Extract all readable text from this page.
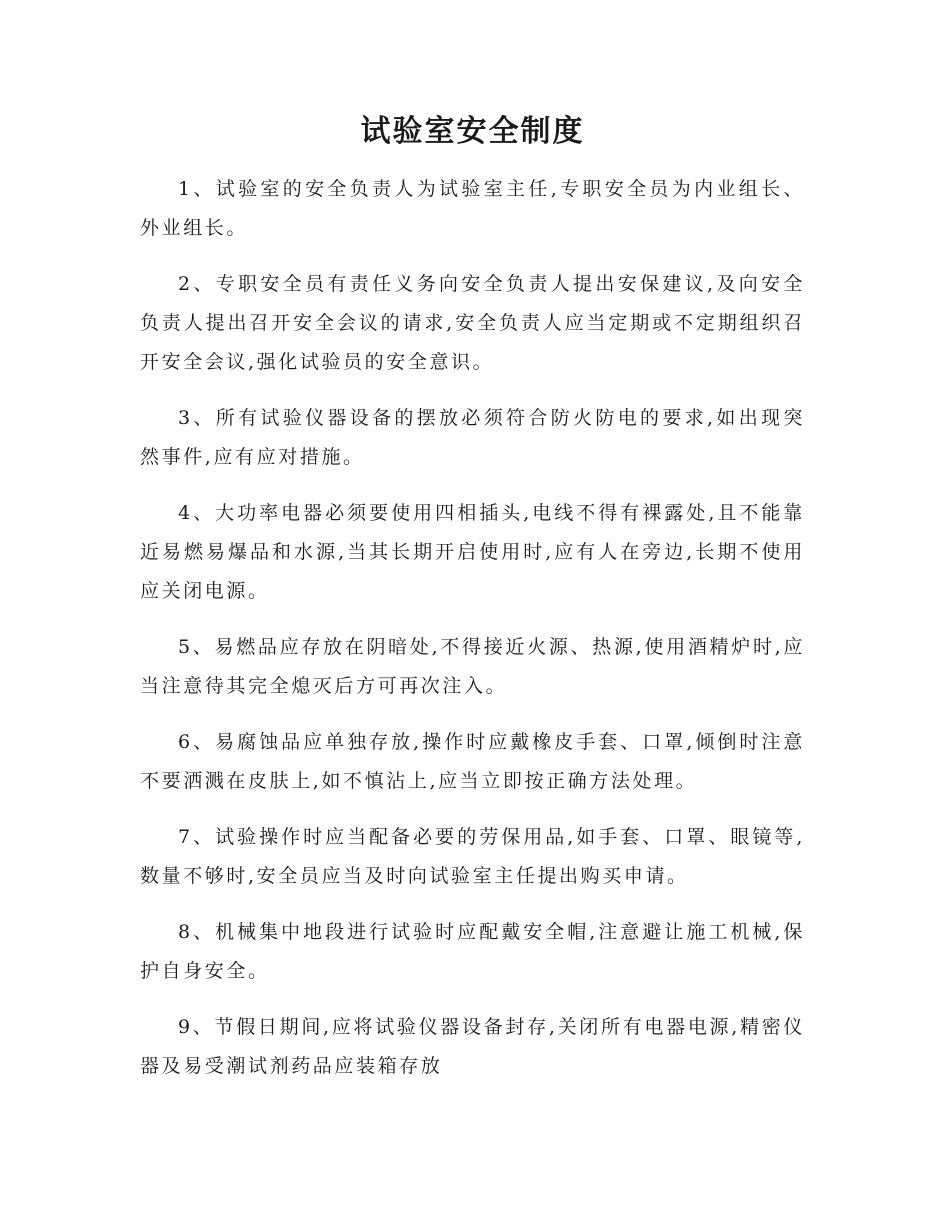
试验室安全制度

1、试验室的安全负责人为试验室主任,专职安全员为内业组长、外业组长。

2、专职安全员有责任义务向安全负责人提出安保建议,及向安全负责人提出召开安全会议的请求,安全负责人应当定期或不定期组织召开安全会议,强化试验员的安全意识。

3、所有试验仪器设备的摆放必须符合防火防电的要求,如出现突然事件,应有应对措施。

4、大功率电器必须要使用四相插头,电线不得有裸露处,且不能靠近易燃易爆品和水源,当其长期开启使用时,应有人在旁边,长期不使用应关闭电源。

5、易燃品应存放在阴暗处,不得接近火源、热源,使用酒精炉时,应当注意待其完全熄灭后方可再次注入。

6、易腐蚀品应单独存放,操作时应戴橡皮手套、口罩,倾倒时注意不要洒溅在皮肤上,如不慎沾上,应当立即按正确方法处理。

7、试验操作时应当配备必要的劳保用品,如手套、口罩、眼镜等,数量不够时,安全员应当及时向试验室主任提出购买申请。

8、机械集中地段进行试验时应配戴安全帽,注意避让施工机械,保护自身安全。

9、节假日期间,应将试验仪器设备封存,关闭所有电器电源,精密仪器及易受潮试剂药品应装箱存放
